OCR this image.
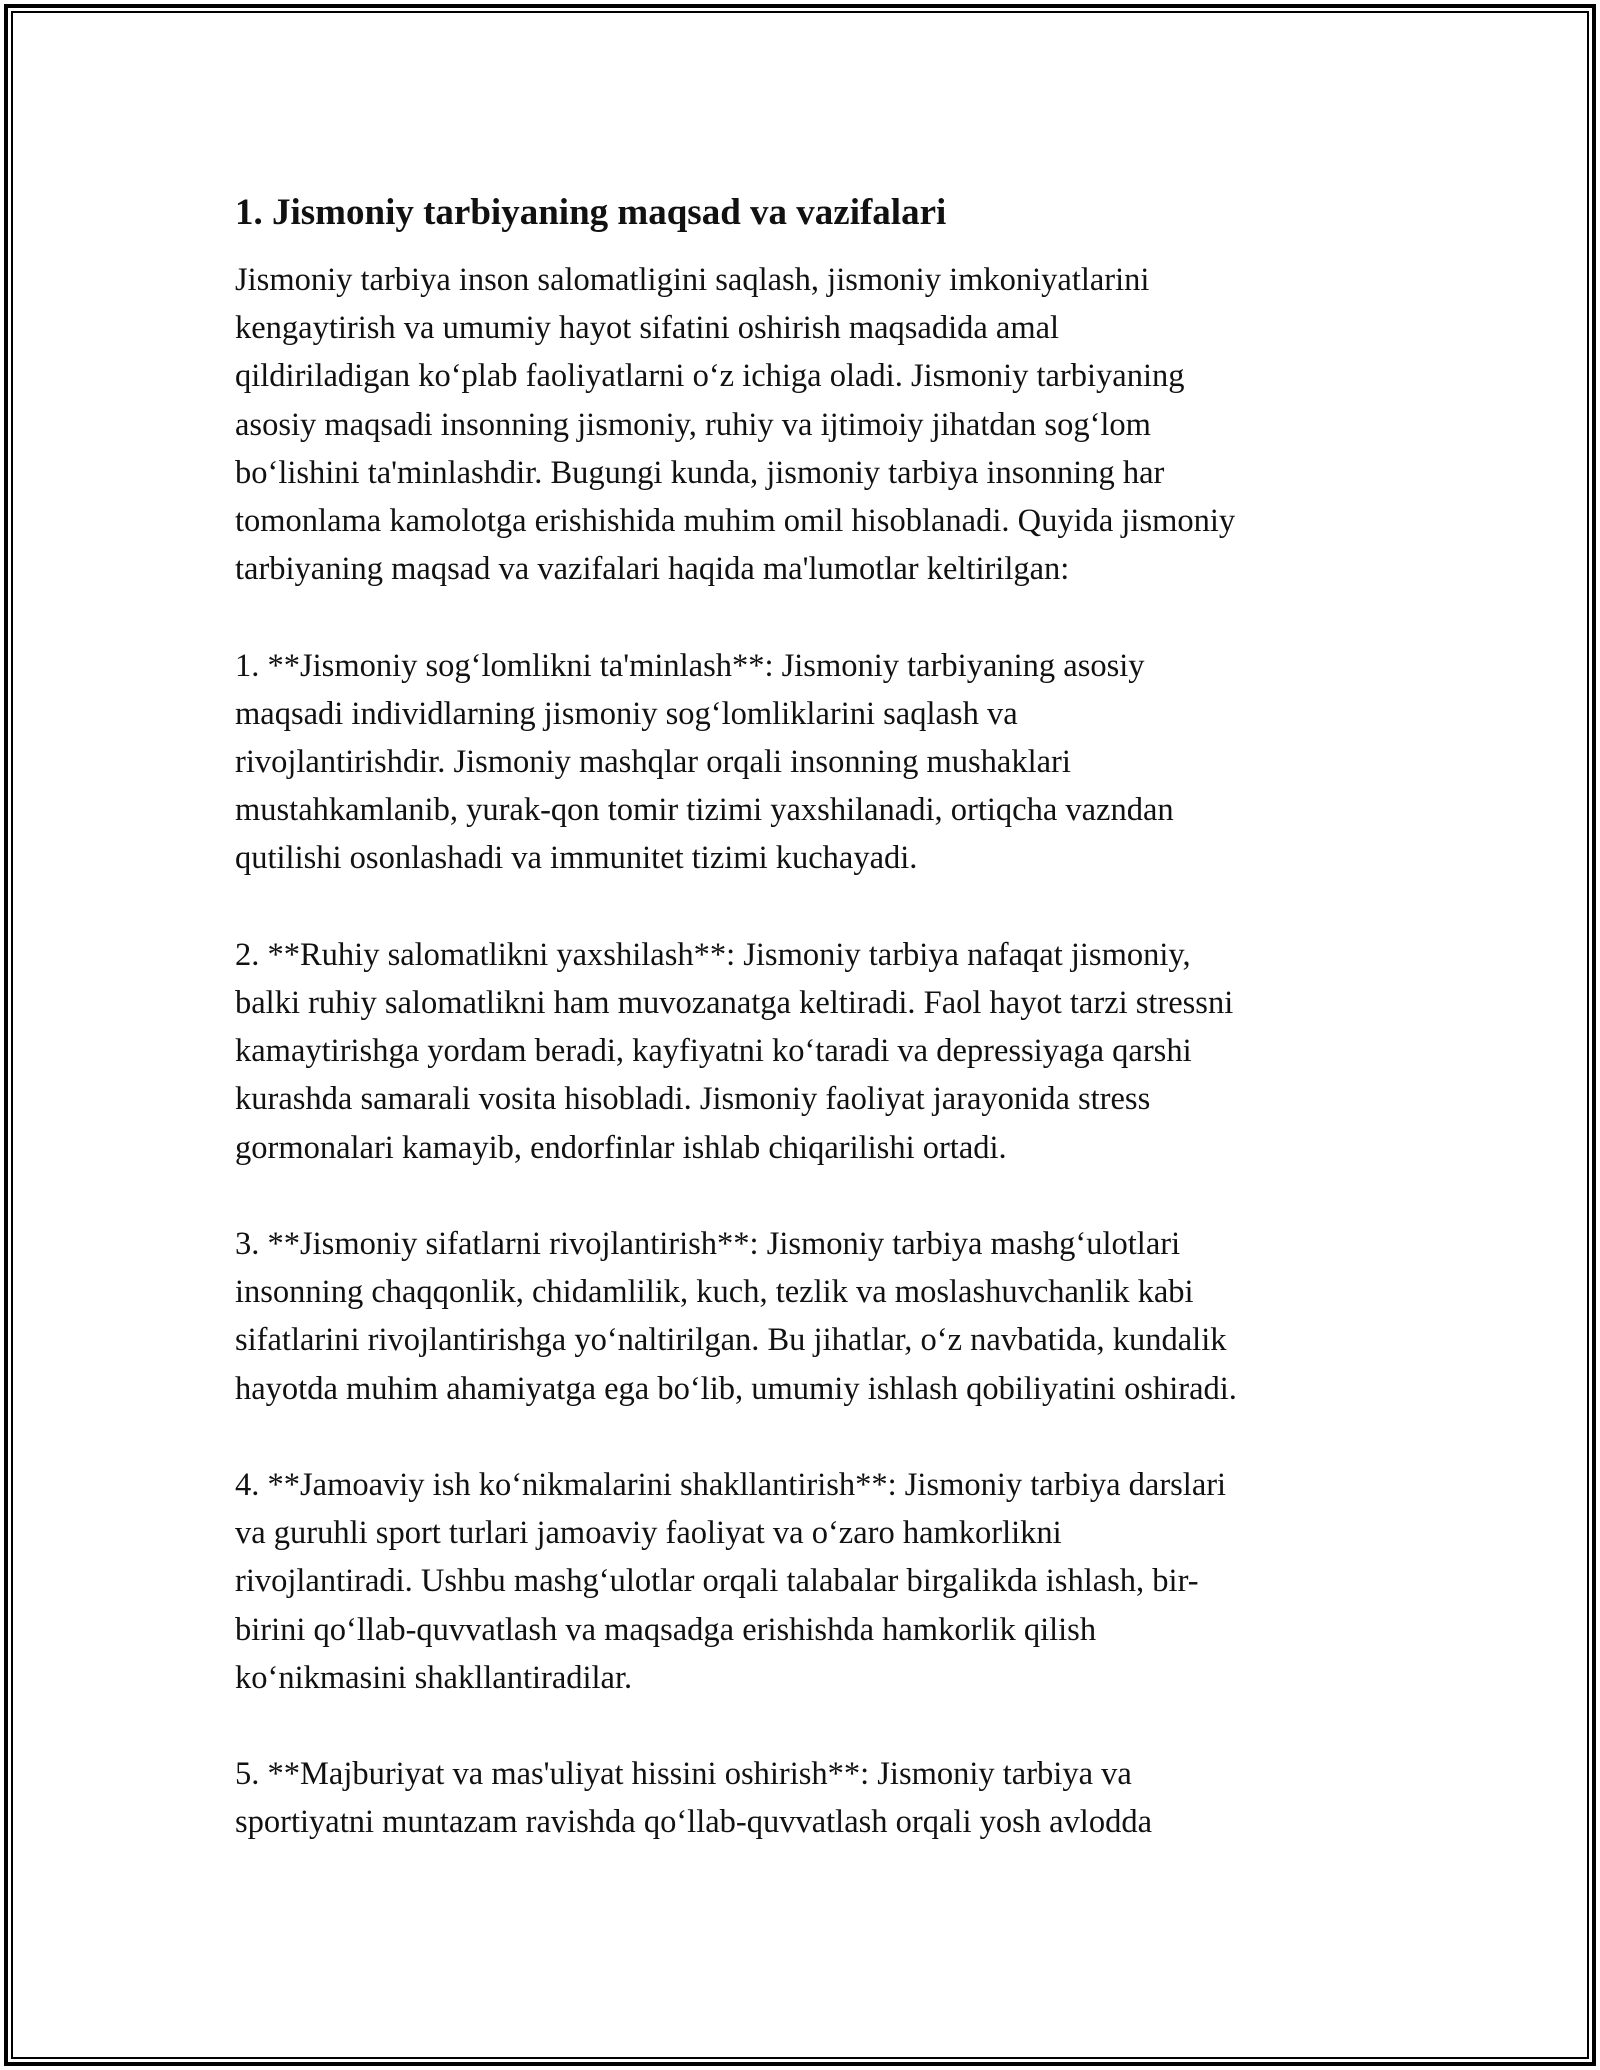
1. Jismoniy tarbiyaning maqsad va vazifalari
Jismoniy tarbiya inson salomatligini saqlash, jismoniy imkoniyatlarini
kengaytirish va umumiy hayot sifatini oshirish maqsadida amal
qildiriladigan koʻplab faoliyatlarni oʻz ichiga oladi. Jismoniy tarbiyaning
asosiy maqsadi insonning jismoniy, ruhiy va ijtimoiy jihatdan sogʻlom
boʻlishini ta'minlashdir. Bugungi kunda, jismoniy tarbiya insonning har
tomonlama kamolotga erishishida muhim omil hisoblanadi. Quyida jismoniy
tarbiyaning maqsad va vazifalari haqida ma'lumotlar keltirilgan:
1. **Jismoniy sogʻlomlikni ta'minlash**: Jismoniy tarbiyaning asosiy
maqsadi individlarning jismoniy sogʻlomliklarini saqlash va
rivojlantirishdir. Jismoniy mashqlar orqali insonning mushaklari
mustahkamlanib, yurak-qon tomir tizimi yaxshilanadi, ortiqcha vazndan
qutilishi osonlashadi va immunitet tizimi kuchayadi.
2. **Ruhiy salomatlikni yaxshilash**: Jismoniy tarbiya nafaqat jismoniy,
balki ruhiy salomatlikni ham muvozanatga keltiradi. Faol hayot tarzi stressni
kamaytirishga yordam beradi, kayfiyatni koʻtaradi va depressiyaga qarshi
kurashda samarali vosita hisobladi. Jismoniy faoliyat jarayonida stress
gormonalari kamayib, endorfinlar ishlab chiqarilishi ortadi.
3. **Jismoniy sifatlarni rivojlantirish**: Jismoniy tarbiya mashgʻulotlari
insonning chaqqonlik, chidamlilik, kuch, tezlik va moslashuvchanlik kabi
sifatlarini rivojlantirishga yoʻnaltirilgan. Bu jihatlar, oʻz navbatida, kundalik
hayotda muhim ahamiyatga ega boʻlib, umumiy ishlash qobiliyatini oshiradi.
4. **Jamoaviy ish koʻnikmalarini shakllantirish**: Jismoniy tarbiya darslari
va guruhli sport turlari jamoaviy faoliyat va oʻzaro hamkorlikni
rivojlantiradi. Ushbu mashgʻulotlar orqali talabalar birgalikda ishlash, bir-
birini qoʻllab-quvvatlash va maqsadga erishishda hamkorlik qilish
koʻnikmasini shakllantiradilar.
5. **Majburiyat va mas'uliyat hissini oshirish**: Jismoniy tarbiya va
sportiyatni muntazam ravishda qoʻllab-quvvatlash orqali yosh avlodda
